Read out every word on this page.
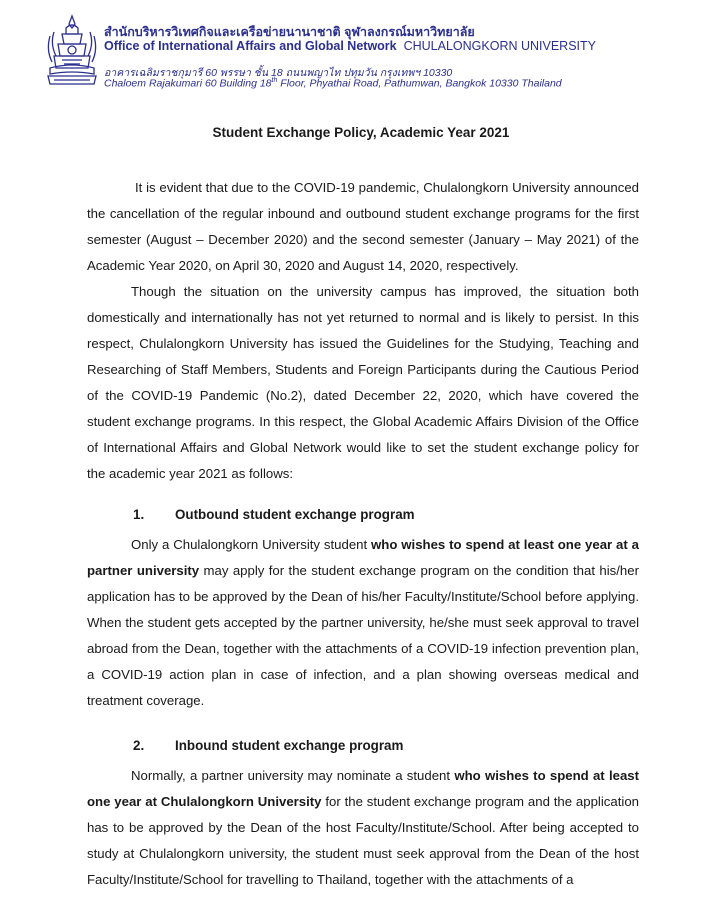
สำนักบริหารวิเทศกิจและเครือข่ายนานาชาติ จุฬาลงกรณ์มหาวิทยาลัย
Office of International Affairs and Global Network CHULALONGKORN UNIVERSITY
อาคารเฉลิมราชกุมารี 60 พรรษา ชั้น 18 ถนนพญาไท ปทุมวัน กรุงเทพฯ 10330
Chaloem Rajakumari 60 Building 18th Floor, Phyathai Road, Pathumwan, Bangkok 10330 Thailand
Student Exchange Policy, Academic Year 2021

It is evident that due to the COVID-19 pandemic, Chulalongkorn University announced the cancellation of the regular inbound and outbound student exchange programs for the first semester (August – December 2020) and the second semester (January – May 2021) of the Academic Year 2020, on April 30, 2020 and August 14, 2020, respectively.

Though the situation on the university campus has improved, the situation both domestically and internationally has not yet returned to normal and is likely to persist. In this respect, Chulalongkorn University has issued the Guidelines for the Studying, Teaching and Researching of Staff Members, Students and Foreign Participants during the Cautious Period of the COVID-19 Pandemic (No.2), dated December 22, 2020, which have covered the student exchange programs. In this respect, the Global Academic Affairs Division of the Office of International Affairs and Global Network would like to set the student exchange policy for the academic year 2021 as follows:

1. Outbound student exchange program

Only a Chulalongkorn University student who wishes to spend at least one year at a partner university may apply for the student exchange program on the condition that his/her application has to be approved by the Dean of his/her Faculty/Institute/School before applying. When the student gets accepted by the partner university, he/she must seek approval to travel abroad from the Dean, together with the attachments of a COVID-19 infection prevention plan, a COVID-19 action plan in case of infection, and a plan showing overseas medical and treatment coverage.

2. Inbound student exchange program

Normally, a partner university may nominate a student who wishes to spend at least one year at Chulalongkorn University for the student exchange program and the application has to be approved by the Dean of the host Faculty/Institute/School. After being accepted to study at Chulalongkorn university, the student must seek approval from the Dean of the host Faculty/Institute/School for travelling to Thailand, together with the attachments of a
